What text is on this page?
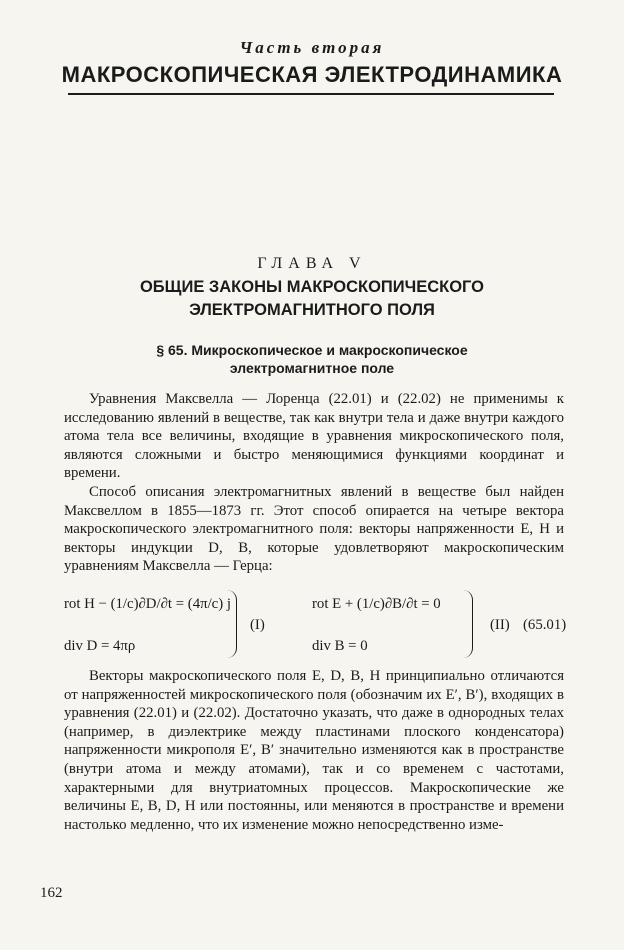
Часть вторая
МАКРОСКОПИЧЕСКАЯ ЭЛЕКТРОДИНАМИКА
ГЛАВА V
ОБЩИЕ ЗАКОНЫ МАКРОСКОПИЧЕСКОГО
ЭЛЕКТРОМАГНИТНОГО ПОЛЯ
§ 65. Микроскопическое и макроскопическое
электромагнитное поле

Уравнения Максвелла — Лоренца (22.01) и (22.02) не применимы к исследованию явлений в веществе, так как внутри тела и даже внутри каждого атома тела все величины, входящие в уравнения микроскопического поля, являются сложными и быстро меняющимися функциями координат и времени.

Способ описания электромагнитных явлений в веществе был найден Максвеллом в 1855—1873 гг. Этот способ опирается на четыре вектора макроскопического электромагнитного поля: векторы напряженности E, H и векторы индукции D, B, которые удовлетворяют макроскопическим уравнениям Максвелла — Герца:

rot H − (1/c)∂D/∂t = (4π/c) j
div D = 4πρ
(I)
rot E + (1/c)∂B/∂t = 0
div B = 0
(II) (65.01)

Векторы макроскопического поля E, D, B, H принципиально отличаются от напряженностей микроскопического поля (обозначим их E′, B′), входящих в уравнения (22.01) и (22.02). Достаточно указать, что даже в однородных телах (например, в диэлектрике между пластинами плоского конденсатора) напряженности микрополя E′, B′ значительно изменяются как в пространстве (внутри атома и между атомами), так и со временем с частотами, характерными для внутриатомных процессов. Макроскопические же величины E, B, D, H или постоянны, или меняются в пространстве и времени настолько медленно, что их изменение можно непосредственно изме-

162
